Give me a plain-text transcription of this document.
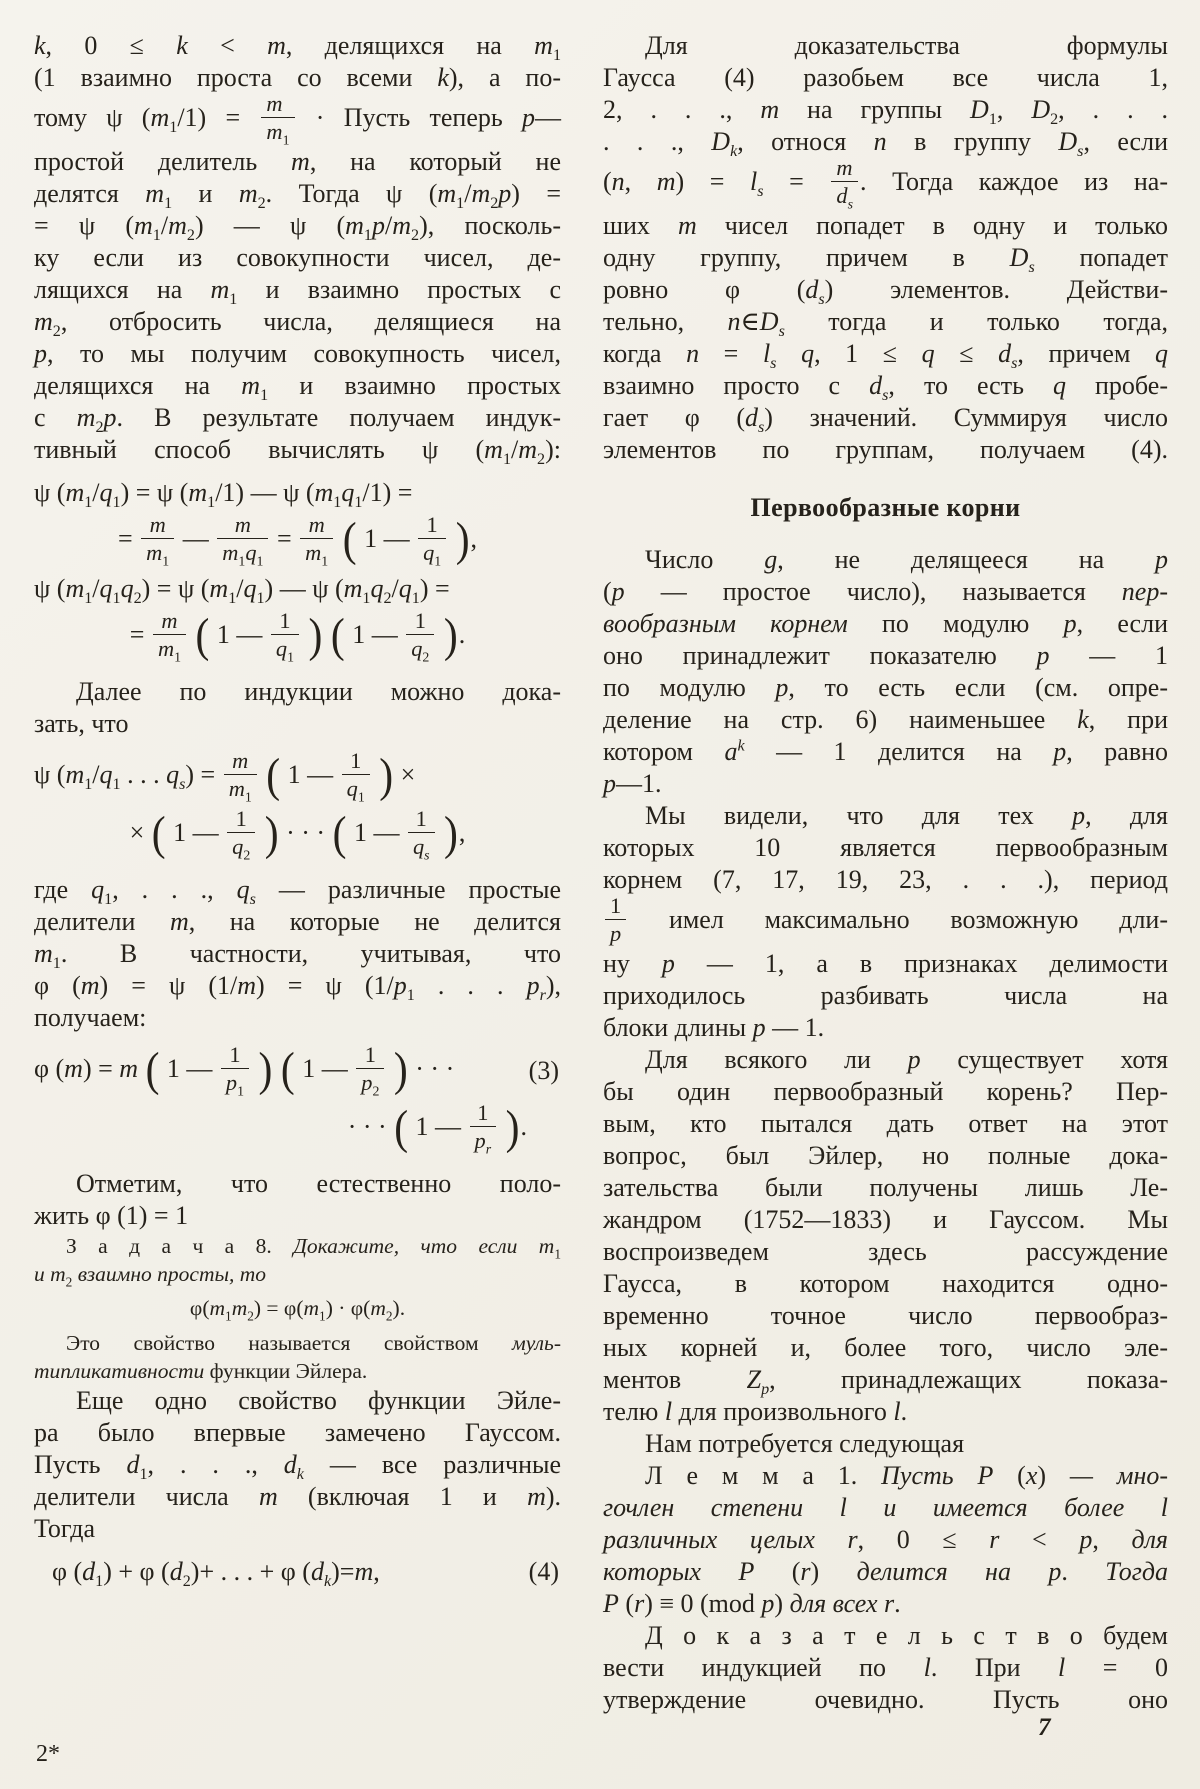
k, 0 ≤ k < m, делящихся на $m_1$
(1 взаимно проста со всеми k), а по-
тому ψ $(m_1/1) = \frac{m}{m_1}$ · Пусть теперь p—
простой делитель m, на который не
делятся $m_1$ и $m_2$. Тогда ψ $(m_1/m_2p)$ =
= ψ $(m_1/m_2)$ — ψ $(m_1p/m_2)$, посколь-
ку если из совокупности чисел, де-
лящихся на $m_1$ и взаимно простых с
$m_2$, отбросить числа, делящиеся на
p, то мы получим совокупность чисел,
делящихся на $m_1$ и взаимно простых
с $m_2p$. В результате получаем индук-
тивный способ вычислять ψ $(m_1/m_2)$:
ψ $(m_1/q_1) = \psi$ $(m_1/1)$ — ψ $(m_1q_1/1)$ =
= $\frac{m}{m_1}$ — $\frac{m}{m_1q_1} = \frac{m}{m_1}$ ( 1 — $\frac{1}{q_1}$ ),
ψ $(m_1/q_1q_2) = \psi$ $(m_1/q_1)$ — ψ $(m_1q_2/q_1)$ =
= $\frac{m}{m_1}$ ( 1 — $\frac{1}{q_1}$ ) ( 1 — $\frac{1}{q_2}$ ).
Далее по индукции можно дока-
зать, что
ψ ($m_1/q_1$ . . . $q_s) = \frac{m}{m_1}$ ( 1 — $\frac{1}{q_1}$ ) ×
× ( 1 — $\frac{1}{q_2}$ ) · · · ( 1 — $\frac{1}{q_s}$ ),
где $q_1$, . . ., $q_s$ — различные простые
делители m, на которые не делится
$m_1$. В частности, учитывая, что
φ (m) = ψ (1/m) = ψ ($1/p_1$ . . . $p_r$),
получаем:
φ (m) = m ( 1 — $\frac{1}{p_1}$ ) ( 1 — $\frac{1}{p_2}$ ) · · ·	(3)
· · · ( 1 — $\frac{1}{p_r}$ ).
Отметим, что естественно поло-
жить φ (1) = 1
З а д а ч а 8. Докажите, что если $m_1$
и $m_2$ взаимно просты, то
$\varphi(m_1m_2) = \varphi(m_1) \cdot \varphi(m_2)$.
Это свойство называется свойством муль-
типликативности функции Эйлера.
Еще одно свойство функции Эйле-
ра было впервые замечено Гауссом.
Пусть $d_1$, . . ., $d_k$ — все различные
делители числа m (включая 1 и m).
Тогда
φ $(d_1) + \varphi$ $(d_2)+$ . . . + φ $(d_k)=m$,	(4)
Для доказательства формулы
Гаусса (4) разобьем все числа 1,
2, . . ., m на группы $D_1$, $D_2$, . . .
. . ., $D_k$, относя n в группу $D_s$, если
(n, $m) = l_s = \frac{m}{d_s}$ . Тогда каждое из на-
ших m чисел попадет в одну и только
одну группу, причем в $D_s$ попадет
ровно φ $(d_s)$ элементов. Действи-
тельно, $n\in D_s$ тогда и только тогда,
когда $n = l_s$ q, $1 \le q \le d_s$, причем q
взаимно просто с $d_s$, то есть q пробе-
гает φ $(d_s)$ значений. Суммируя число
элементов по группам, получаем (4).
Первообразные корни
Число g, не делящееся на p
(p — простое число), называется пер-
вообразным корнем по модулю p, если
оно принадлежит показателю p — 1
по модулю p, то есть если (см. опре-
деление на стр. 6) наименьшее k, при
котором $a^k$ — 1 делится на p, равно
p—1.
Мы видели, что для тех p, для
которых 10 является первообразным
корнем (7, 17, 19, 23, . . .), период
$\frac{1}{p}$ имел максимально возможную дли-
ну p — 1, а в признаках делимости
приходилось разбивать числа на
блоки длины p — 1.
Для всякого ли p существует хотя
бы один первообразный корень? Пер-
вым, кто пытался дать ответ на этот
вопрос, был Эйлер, но полные дока-
зательства были получены лишь Ле-
жандром (1752—1833) и Гауссом. Мы
воспроизведем здесь рассуждение
Гаусса, в котором находится одно-
временно точное число первообраз-
ных корней и, более того, число эле-
ментов $Z_p$, принадлежащих показа-
телю l для произвольного l.
Нам потребуется следующая
Л е м м а 1. Пусть P (x) — мно-
гочлен степени l и имеется более l
различных целых r, 0 ≤ r < p, для
которых P (r) делится на p. Тогда
P (r) ≡ 0 (mod p) для всех r.
Д о к а з а т е л ь с т в о будем
вести индукцией по l. При l = 0
утверждение очевидно. Пусть оно
2*
7
